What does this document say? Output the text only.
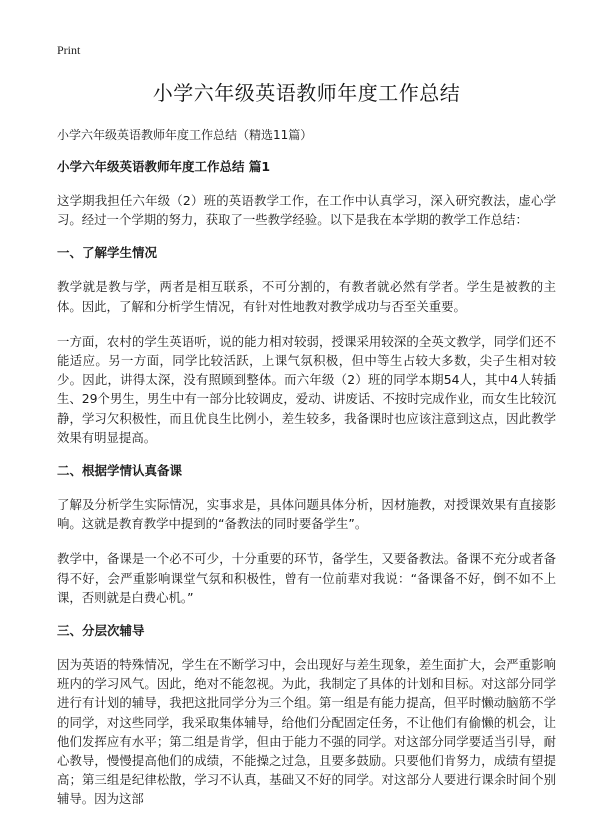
Print
小学六年级英语教师年度工作总结
小学六年级英语教师年度工作总结（精选11篇）
小学六年级英语教师年度工作总结 篇1

这学期我担任六年级（2）班的英语教学工作，在工作中认真学习，深入研究教法，虚心学习。经过一个学期的努力，获取了一些教学经验。以下是我在本学期的教学工作总结：

一、了解学生情况

教学就是教与学，两者是相互联系，不可分割的，有教者就必然有学者。学生是被教的主体。因此，了解和分析学生情况，有针对性地教对教学成功与否至关重要。

一方面，农村的学生英语听，说的能力相对较弱，授课采用较深的全英文教学，同学们还不能适应。另一方面，同学比较活跃，上课气氛积极，但中等生占较大多数，尖子生相对较少。因此，讲得太深，没有照顾到整体。而六年级（2）班的同学本期54人，其中4人转插生、29个男生，男生中有一部分比较调皮，爱动、讲废话、不按时完成作业，而女生比较沉静，学习欠积极性，而且优良生比例小，差生较多，我备课时也应该注意到这点，因此教学效果有明显提高。

二、根据学情认真备课

了解及分析学生实际情况，实事求是，具体问题具体分析，因材施教，对授课效果有直接影响。这就是教育教学中提到的“备教法的同时要备学生”。

教学中，备课是一个必不可少，十分重要的环节，备学生，又要备教法。备课不充分或者备得不好，会严重影响课堂气氛和积极性，曾有一位前辈对我说：“备课备不好，倒不如不上课，否则就是白费心机。”

三、分层次辅导

因为英语的特殊情况，学生在不断学习中，会出现好与差生现象，差生面扩大，会严重影响班内的学习风气。因此，绝对不能忽视。为此，我制定了具体的计划和目标。对这部分同学进行有计划的辅导，我把这批同学分为三个组。第一组是有能力提高，但平时懒动脑筋不学的同学，对这些同学，我采取集体辅导，给他们分配固定任务，不让他们有偷懒的机会，让他们发挥应有水平；第二组是肯学，但由于能力不强的同学。对这部分同学要适当引导，耐心教导，慢慢提高他们的成绩，不能操之过急，且要多鼓励。只要他们肯努力，成绩有望提高；第三组是纪律松散，学习不认真，基础又不好的同学。对这部分人要进行课余时间个别辅导。因为这部
